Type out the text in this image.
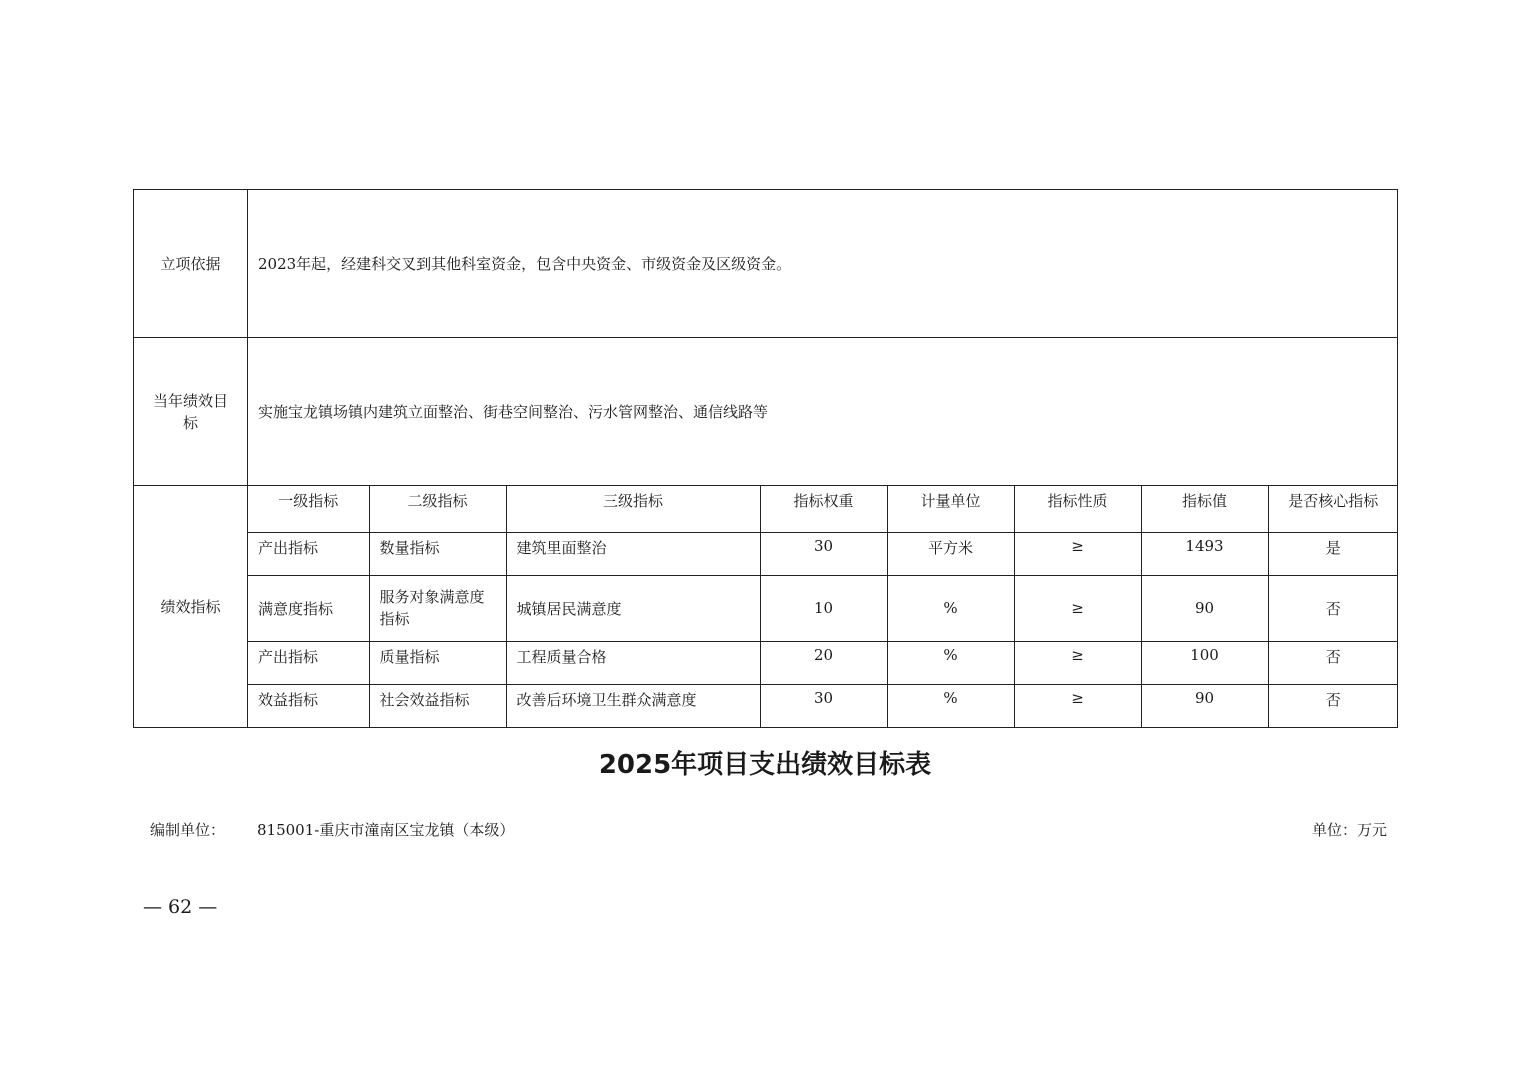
立项依据	2023年起，经建科交叉到其他科室资金，包含中央资金、市级资金及区级资金。
当年绩效目
标	实施宝龙镇场镇内建筑立面整治、街巷空间整治、污水管网整治、通信线路等
绩效指标	
一级指标	二级指标	三级指标	指标权重	计量单位	指标性质	指标值	是否核心指标
产出指标	数量指标	建筑里面整治	30	平方米	≥	1493	是
满意度指标	服务对象满意度指标	城镇居民满意度	10	%	≥	90	否
产出指标	质量指标	工程质量合格	20	%	≥	100	否
效益指标	社会效益指标	改善后环境卫生群众满意度	30	%	≥	90	否
2025年项目支出绩效目标表
编制单位： 815001-重庆市潼南区宝龙镇（本级）	单位：万元
— 62 —
